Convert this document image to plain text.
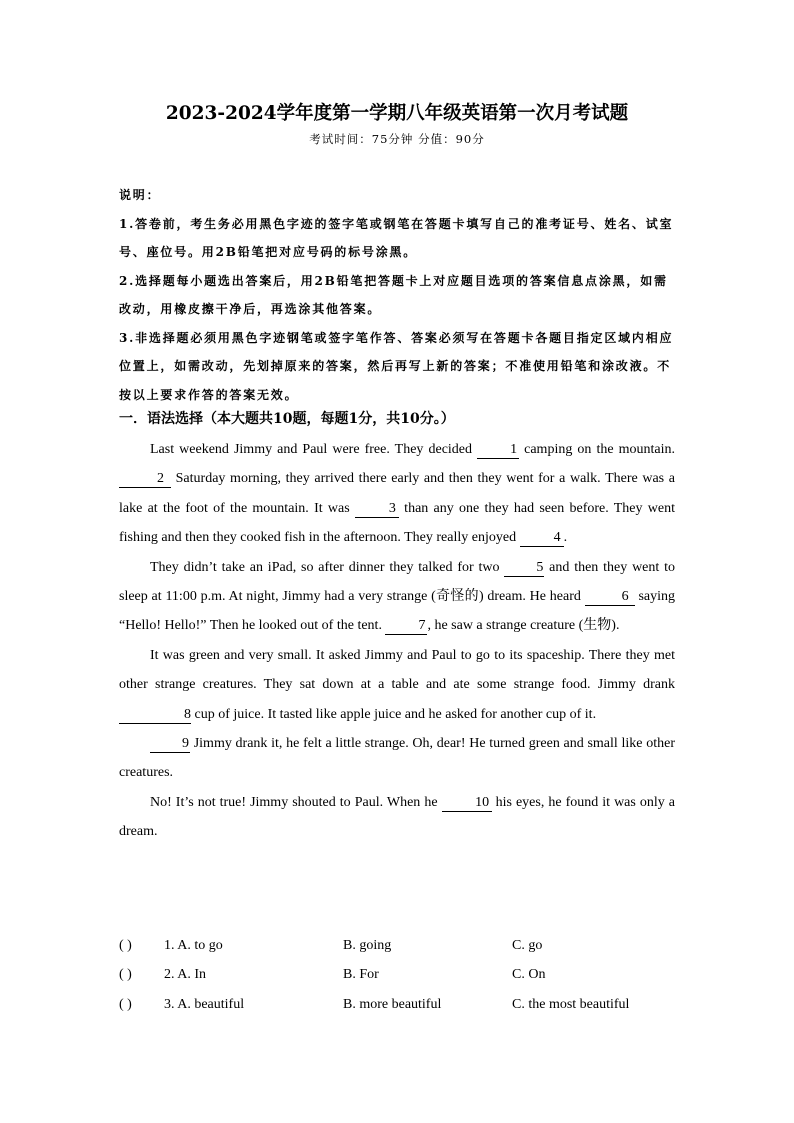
2023-2024学年度第一学期八年级英语第一次月考试题
考试时间：75分钟 分值：90分

说明：

1.答卷前，考生务必用黑色字迹的签字笔或钢笔在答题卡填写自己的准考证号、姓名、试室号、座位号。用2B铅笔把对应号码的标号涂黑。

2.选择题每小题选出答案后，用2B铅笔把答题卡上对应题目选项的答案信息点涂黑，如需改动，用橡皮擦干净后，再选涂其他答案。

3.非选择题必须用黑色字迹钢笔或签字笔作答、答案必须写在答题卡各题目指定区域内相应位置上，如需改动，先划掉原来的答案，然后再写上新的答案；不准使用铅笔和涂改液。不按以上要求作答的答案无效。

一．语法选择（本大题共10题，每题1分，共10分。）

Last weekend Jimmy and Paul were free. They decided 1 camping on the mountain. 2 Saturday morning, they arrived there early and then they went for a walk. There was a lake at the foot of the mountain. It was 3 than any one they had seen before. They went fishing and then they cooked fish in the afternoon. They really enjoyed 4 .

They didn’t take an iPad, so after dinner they talked for two 5 and then they went to sleep at 11:00 p.m. At night, Jimmy had a very strange (奇怪的) dream. He heard	6 saying “Hello! Hello!” Then he looked out of the tent. 7 , he saw a strange creature (生物).

It was green and very small. It asked Jimmy and Paul to go to its spaceship. There they met other strange creatures. They sat down at a table and ate some strange food. Jimmy drank 8 cup of juice. It tasted like apple juice and he asked for another cup of it.

9 Jimmy drank it, he felt a little strange. Oh, dear! He turned green and small like other creatures.

No! It’s not true! Jimmy shouted to Paul. When he 10 his eyes, he found it was only a dream.

( ) 1. A. to go	B. going	C. go
( ) 2. A. In	B. For	C. On
( ) 3. A. beautiful	B. more beautiful	C. the most beautiful
